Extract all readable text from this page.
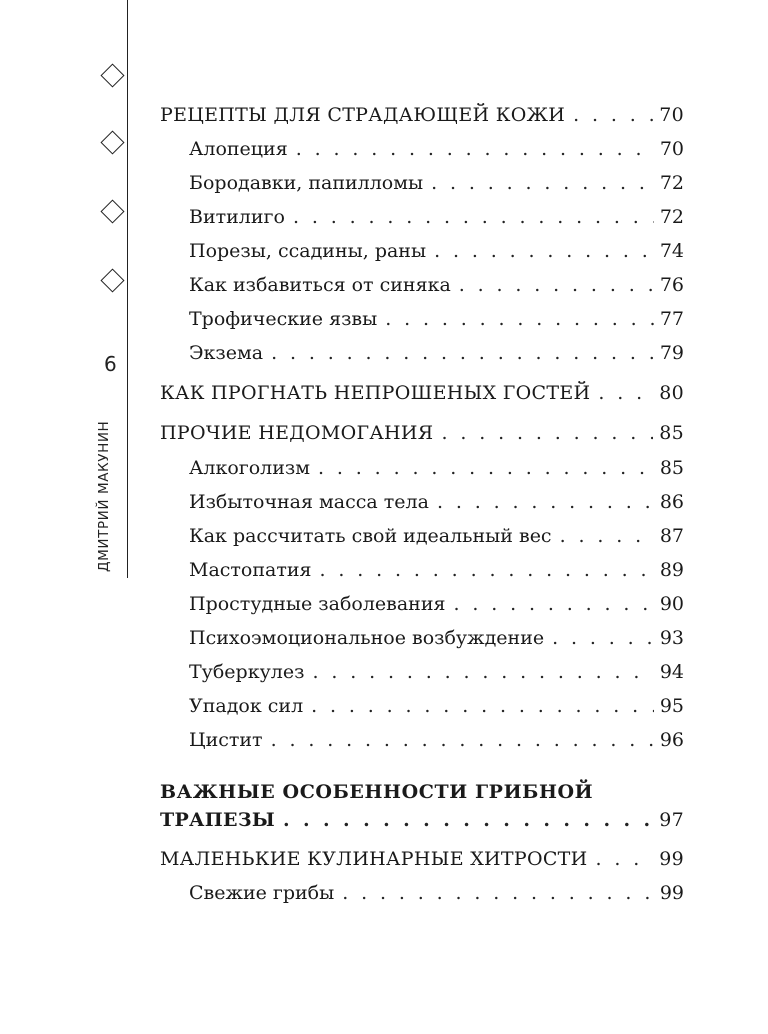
6
ДМИТРИЙ МАКУНИН
РЕЦЕПТЫ ДЛЯ СТРАДАЮЩЕЙ КОЖИ . . .	70
Алопеция . . .	70
Бородавки, папилломы . . .	72
Витилиго . . .	72
Порезы, ссадины, раны . . .	74
Как избавиться от синяка . . .	76
Трофические язвы . . .	77
Экзема . . .	79
КАК ПРОГНАТЬ НЕПРОШЕНЫХ ГОСТЕЙ . . .	80
ПРОЧИЕ НЕДОМОГАНИЯ . . .	85
Алкоголизм . . .	85
Избыточная масса тела . . .	86
Как рассчитать свой идеальный вес . . .	87
Мастопатия . . .	89
Простудные заболевания . . .	90
Психоэмоциональное возбуждение . . .	93
Туберкулез . . .	94
Упадок сил . . .	95
Цистит . . .	96
ВАЖНЫЕ ОСОБЕННОСТИ ГРИБНОЙ
ТРАПЕЗЫ . . .	97
МАЛЕНЬКИЕ КУЛИНАРНЫЕ ХИТРОСТИ . . .	99
Свежие грибы . . .	99
